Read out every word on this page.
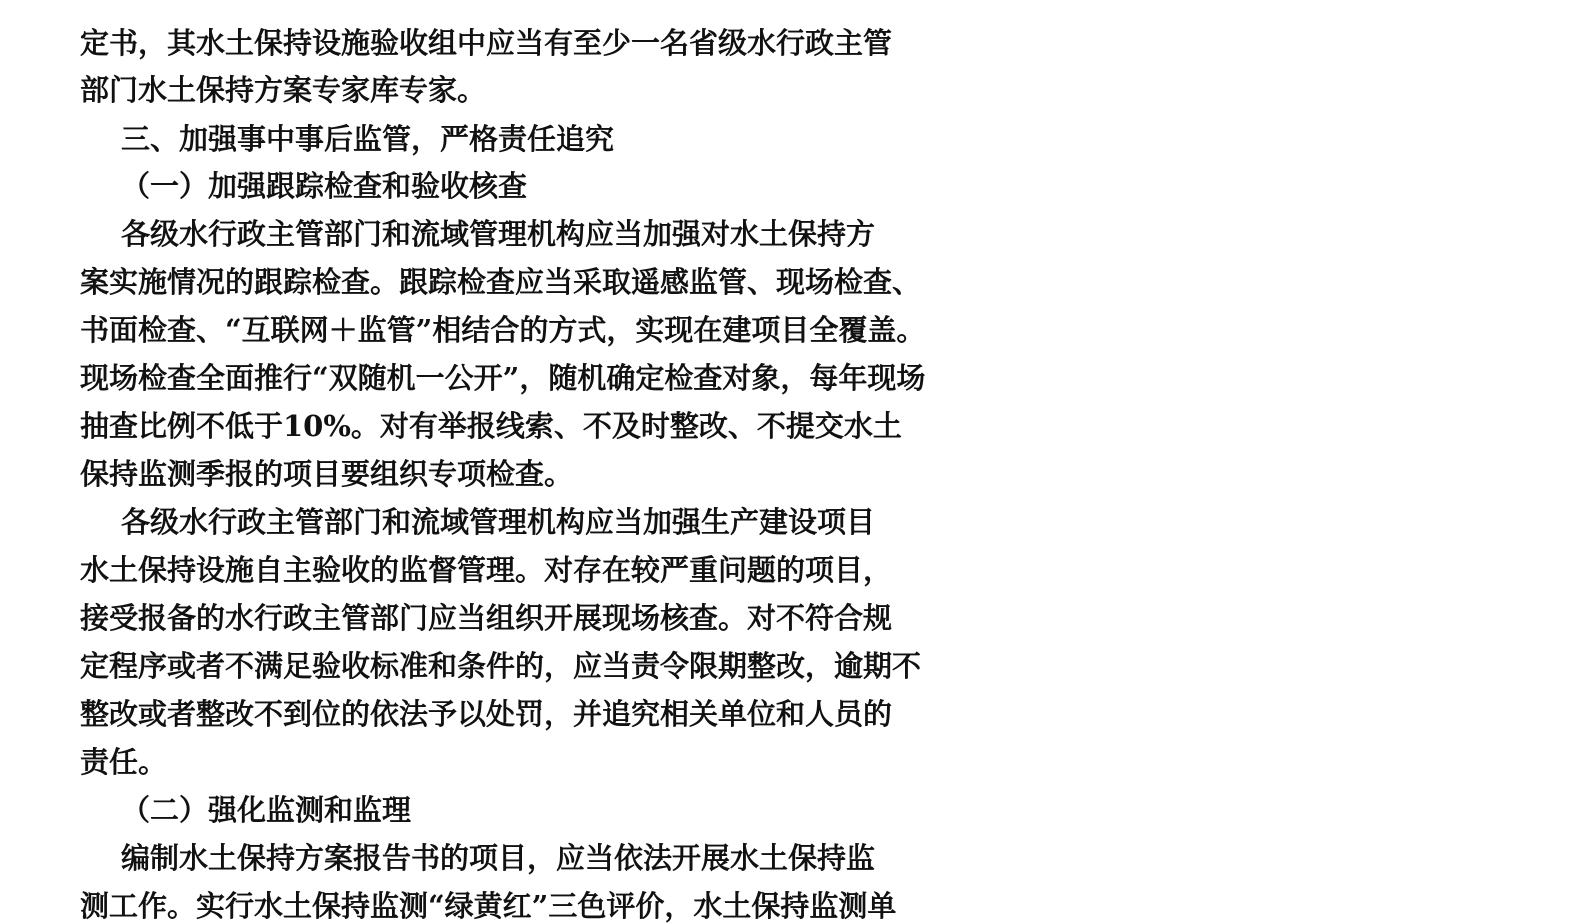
定书，其水土保持设施验收组中应当有至少一名省级水行政主管
部门水土保持方案专家库专家。
三、加强事中事后监管，严格责任追究
（一）加强跟踪检查和验收核查
各级水行政主管部门和流域管理机构应当加强对水土保持方
案实施情况的跟踪检查。跟踪检查应当采取遥感监管、现场检查、
书面检查、“互联网＋监管”相结合的方式，实现在建项目全覆盖。
现场检查全面推行“双随机一公开”，随机确定检查对象，每年现场
抽查比例不低于10%。对有举报线索、不及时整改、不提交水土
保持监测季报的项目要组织专项检查。
各级水行政主管部门和流域管理机构应当加强生产建设项目
水土保持设施自主验收的监督管理。对存在较严重问题的项目，
接受报备的水行政主管部门应当组织开展现场核查。对不符合规
定程序或者不满足验收标准和条件的，应当责令限期整改，逾期不
整改或者整改不到位的依法予以处罚，并追究相关单位和人员的
责任。
（二）强化监测和监理
编制水土保持方案报告书的项目，应当依法开展水土保持监
测工作。实行水土保持监测“绿黄红”三色评价，水土保持监测单
